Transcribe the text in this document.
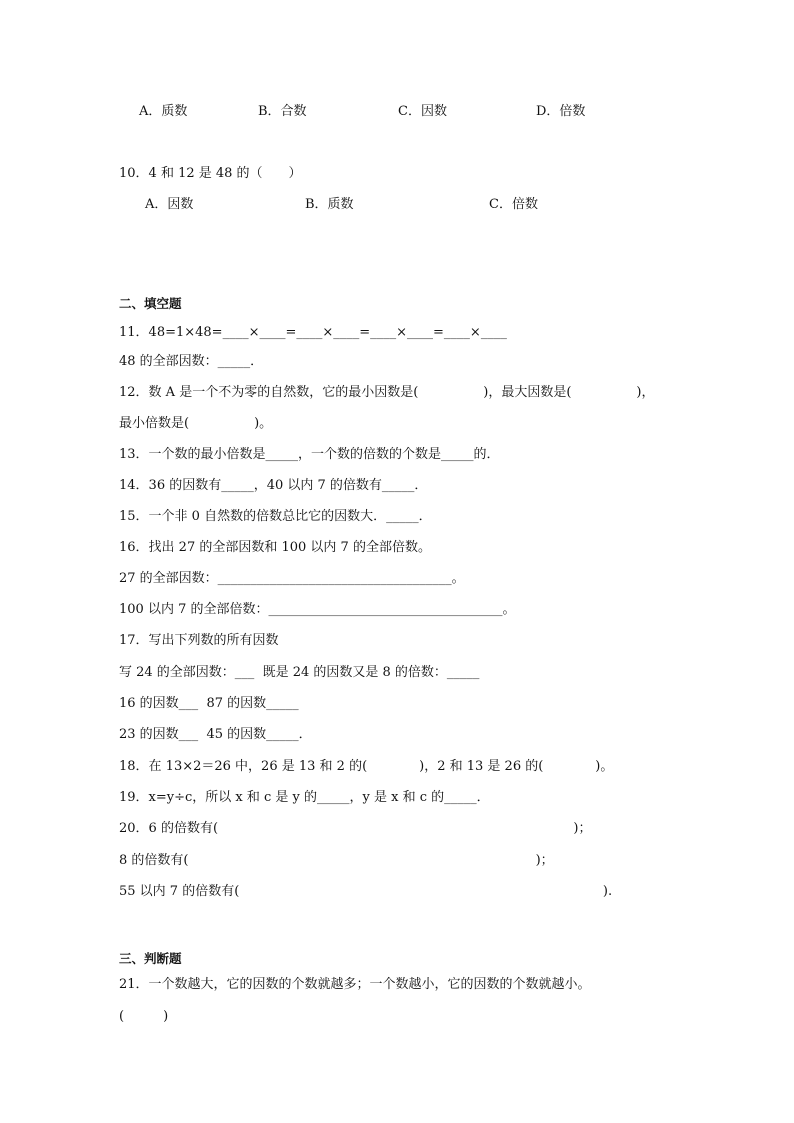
A．质数	B．合数	C．因数	D．倍数
10．4 和 12 是 48 的（　　）
A．因数	B．质数	C．倍数
二、填空题
11．48=1×48=____×____=____×____=____×____=____×____
48 的全部因数：_____．
12．数 A 是一个不为零的自然数，它的最小因数是(　　　　　)，最大因数是(　　　　　)，
最小倍数是(　　　　　)。
13．一个数的最小倍数是_____，一个数的倍数的个数是_____的．
14．36 的因数有_____，40 以内 7 的倍数有_____．
15．一个非 0 自然数的倍数总比它的因数大．_____．
16．找出 27 的全部因数和 100 以内 7 的全部倍数。
27 的全部因数：____________________________________。
100 以内 7 的全部倍数：____________________________________。
17．写出下列数的所有因数
写 24 的全部因数：___  既是 24 的因数又是 8 的倍数：_____
16 的因数___  87 的因数_____
23 的因数___  45 的因数_____．
18．在 13×2＝26 中，26 是 13 和 2 的(　　　　)，2 和 13 是 26 的(　　　　)。
19．x=y÷c，所以 x 和 c 是 y 的_____，y 是 x 和 c 的_____．
20．6 的倍数有(                                                                                      )；
8 的倍数有(                                                                                    )；
55 以内 7 的倍数有(                                                                                        ).
三、判断题
21．一个数越大，它的因数的个数就越多；一个数越小，它的因数的个数就越小。
(　　　)
